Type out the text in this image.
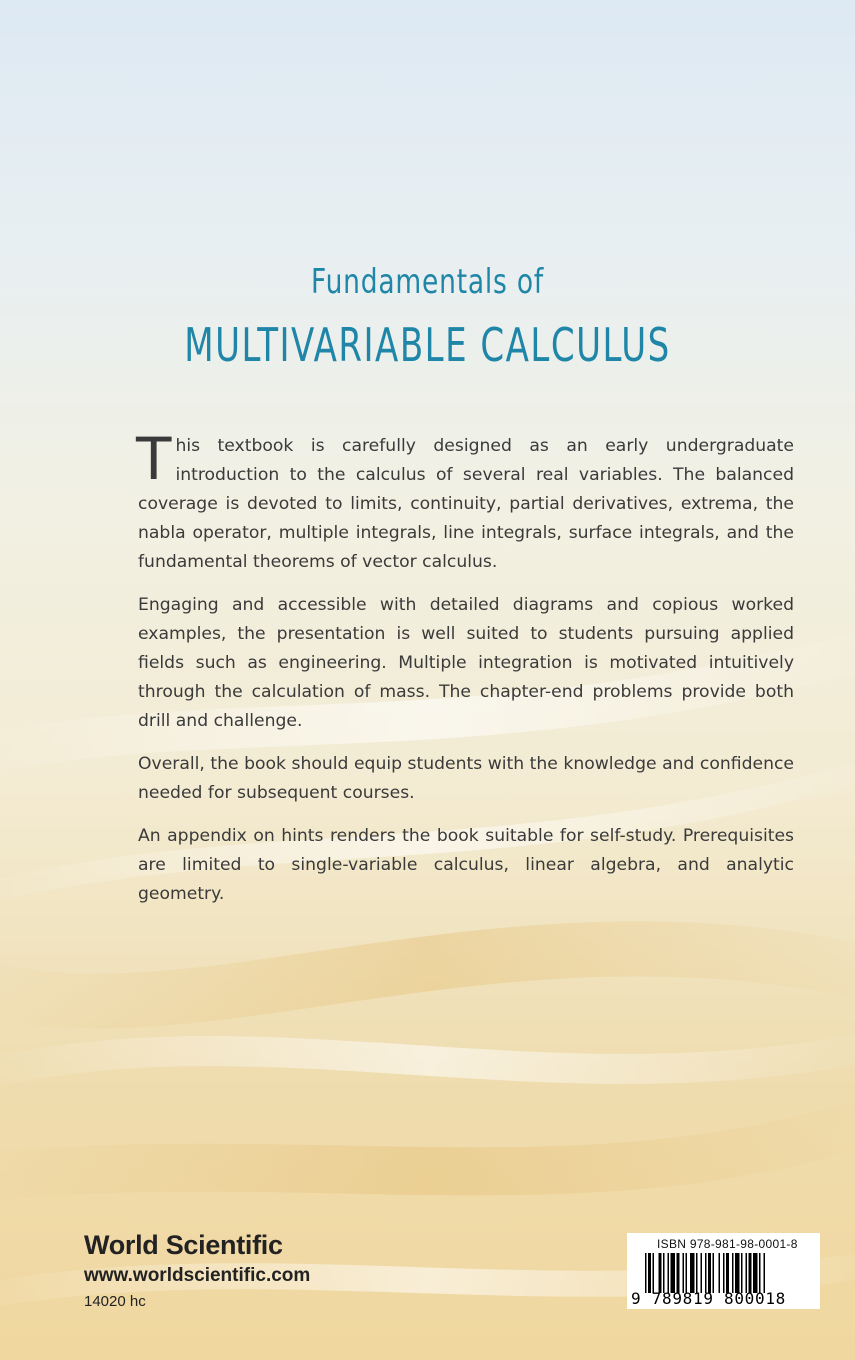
Fundamentals of
MULTIVARIABLE CALCULUS

This textbook is carefully designed as an early undergraduate introduction to the calculus of several real variables. The balanced coverage is devoted to limits, continuity, partial derivatives, extrema, the nabla operator, multiple integrals, line integrals, surface integrals, and the fundamental theorems of vector calculus.

Engaging and accessible with detailed diagrams and copious worked examples, the presentation is well suited to students pursuing applied fields such as engineering. Multiple integration is motivated intuitively through the calculation of mass. The chapter-end problems provide both drill and challenge.

Overall, the book should equip students with the knowledge and confidence needed for subsequent courses.

An appendix on hints renders the book suitable for self-study. Prerequisites are limited to single-variable calculus, linear algebra, and analytic geometry.

World Scientific
www.worldscientific.com
14020 hc
ISBN 978-981-98-0001-8
9 789819 800018
